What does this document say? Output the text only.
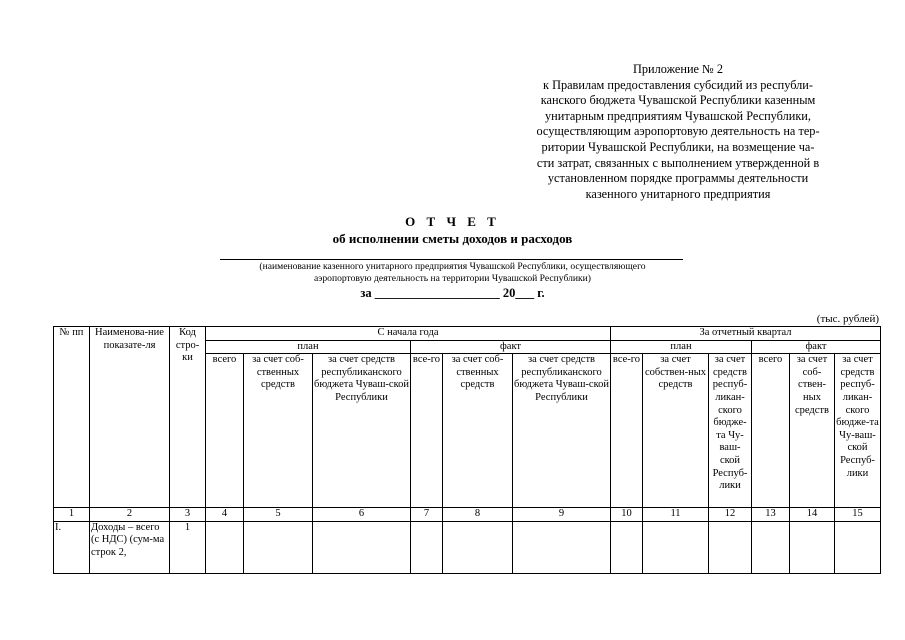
Приложение № 2
к Правилам предоставления субсидий из республи-
канского бюджета Чувашской Республики казенным
унитарным предприятиям Чувашской Республики,
осуществляющим аэропортовую деятельность на тер-
ритории Чувашской Республики, на возмещение ча-
сти затрат, связанных с выполнением утвержденной в
установленном порядке программы деятельности
казенного унитарного предприятия
О Т Ч Е Т
об исполнении сметы доходов и расходов
(наименование казенного унитарного предприятия Чувашской Республики, осуществляющего
аэропортовую деятельность на территории Чувашской Республики)
за ____________________ 20___ г.
(тыс. рублей)
№ пп	Наименова-ние показате-ля	Код стро-ки	С начала года						За отчетный квартал					
			план			факт			план			факт		
			всего	за счет соб-ственных средств	за счет средств республиканского бюджета Чуваш-ской Республики	все-го	за счет соб-ственных средств	за счет средств республиканского бюджета Чуваш-ской Республики	все-го	за счет собствен-ных средств	за счет средств респуб-ликан-ского бюдже-та Чу-ваш-ской Респуб-лики	всего	за счет соб-ствен-ных средств	за счет средств респуб-ликан-ского бюдже-та Чу-ваш-ской Респуб-лики
1	2	3	4	5	6	7	8	9	10	11	12	13	14	15
I.	Доходы – всего (с НДС) (сум-ма строк 2,	1												
